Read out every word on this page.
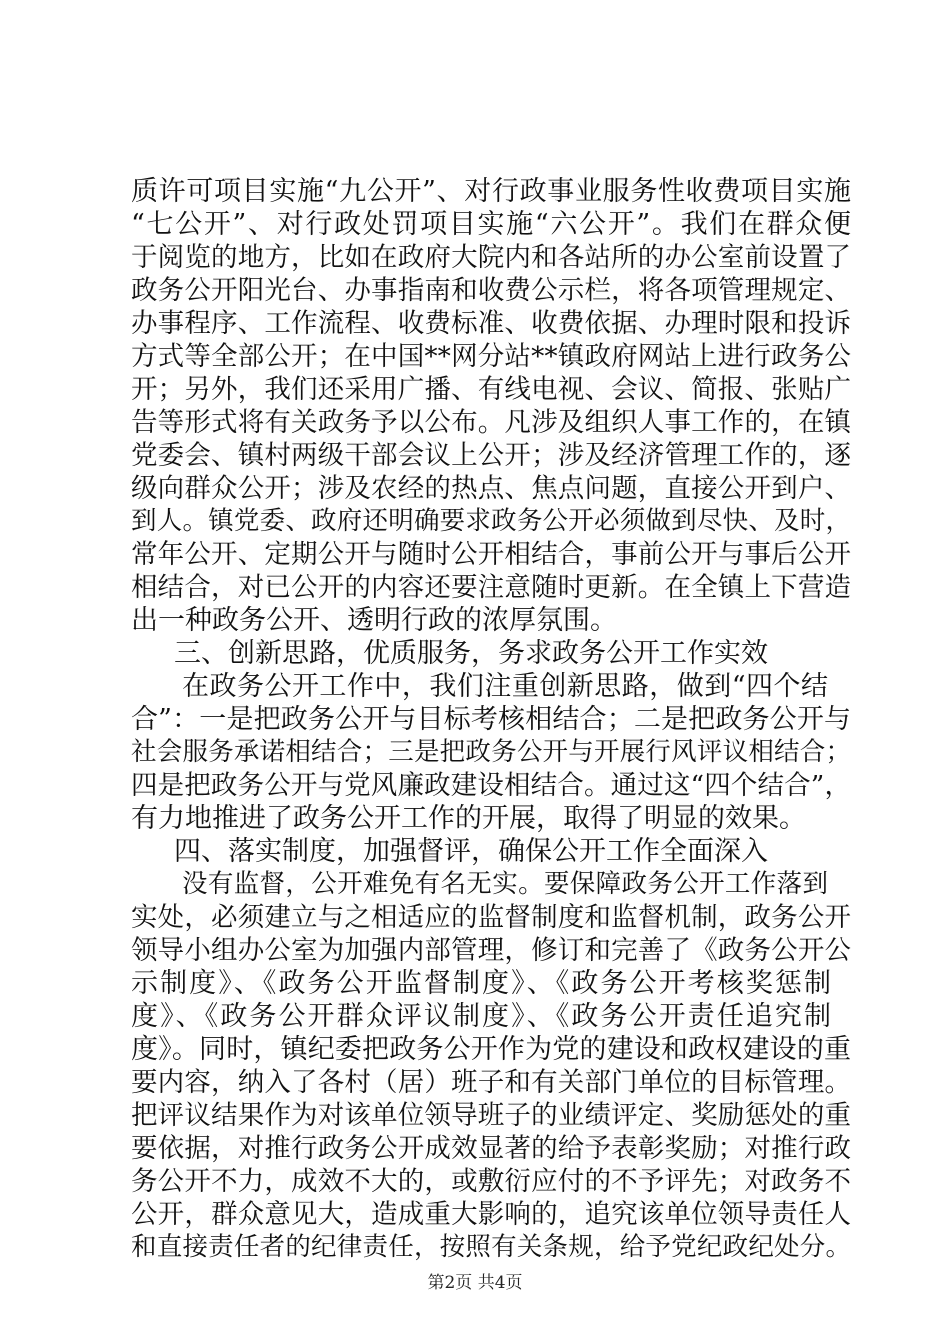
质许可项目实施“九公开”、对行政事业服务性收费项目实施
“七公开”、对行政处罚项目实施“六公开”。我们在群众便
于阅览的地方，比如在政府大院内和各站所的办公室前设置了
政务公开阳光台、办事指南和收费公示栏，将各项管理规定、
办事程序、工作流程、收费标准、收费依据、办理时限和投诉
方式等全部公开；在中国**网分站**镇政府网站上进行政务公
开；另外，我们还采用广播、有线电视、会议、简报、张贴广
告等形式将有关政务予以公布。凡涉及组织人事工作的，在镇
党委会、镇村两级干部会议上公开；涉及经济管理工作的，逐
级向群众公开；涉及农经的热点、焦点问题，直接公开到户、
到人。镇党委、政府还明确要求政务公开必须做到尽快、及时，
常年公开、定期公开与随时公开相结合，事前公开与事后公开
相结合，对已公开的内容还要注意随时更新。在全镇上下营造
出一种政务公开、透明行政的浓厚氛围。
三、创新思路，优质服务，务求政务公开工作实效
在政务公开工作中，我们注重创新思路，做到“四个结
合”：一是把政务公开与目标考核相结合；二是把政务公开与
社会服务承诺相结合；三是把政务公开与开展行风评议相结合；
四是把政务公开与党风廉政建设相结合。通过这“四个结合”，
有力地推进了政务公开工作的开展，取得了明显的效果。
四、落实制度，加强督评，确保公开工作全面深入
没有监督，公开难免有名无实。要保障政务公开工作落到
实处，必须建立与之相适应的监督制度和监督机制，政务公开
领导小组办公室为加强内部管理，修订和完善了《政务公开公
示制度》、《政务公开监督制度》、《政务公开考核奖惩制
度》、《政务公开群众评议制度》、《政务公开责任追究制
度》。同时，镇纪委把政务公开作为党的建设和政权建设的重
要内容，纳入了各村（居）班子和有关部门单位的目标管理。
把评议结果作为对该单位领导班子的业绩评定、奖励惩处的重
要依据，对推行政务公开成效显著的给予表彰奖励；对推行政
务公开不力，成效不大的，或敷衍应付的不予评先；对政务不
公开，群众意见大，造成重大影响的，追究该单位领导责任人
和直接责任者的纪律责任，按照有关条规，给予党纪政纪处分。
第2页 共4页
